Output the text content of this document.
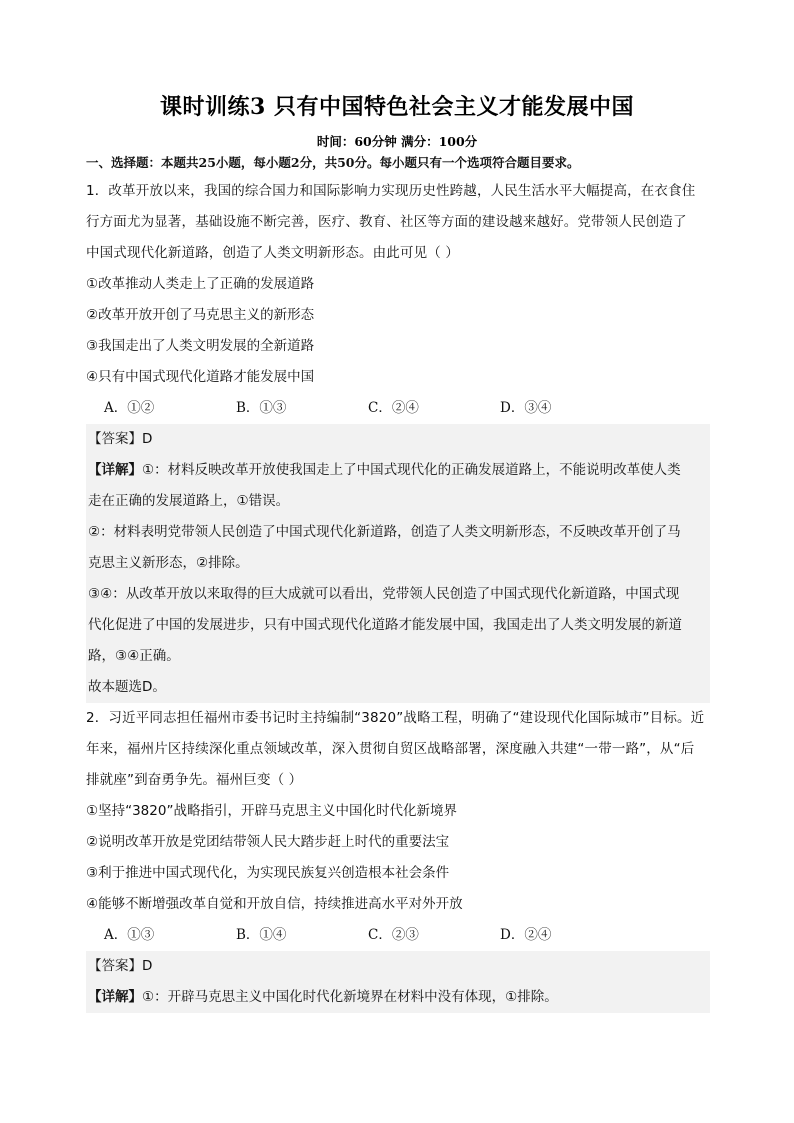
课时训练3 只有中国特色社会主义才能发展中国
时间：60分钟 满分：100分
一、选择题：本题共25小题，每小题2分，共50分。每小题只有一个选项符合题目要求。
1．改革开放以来，我国的综合国力和国际影响力实现历史性跨越，人民生活水平大幅提高，在衣食住
行方面尤为显著，基础设施不断完善，医疗、教育、社区等方面的建设越来越好。党带领人民创造了
中国式现代化新道路，创造了人类文明新形态。由此可见（ ）
①改革推动人类走上了正确的发展道路
②改革开放开创了马克思主义的新形态
③我国走出了人类文明发展的全新道路
④只有中国式现代化道路才能发展中国
A．①②	B．①③	C．②④	D．③④
【答案】D
【详解】①：材料反映改革开放使我国走上了中国式现代化的正确发展道路上，不能说明改革使人类
走在正确的发展道路上，①错误。
②：材料表明党带领人民创造了中国式现代化新道路，创造了人类文明新形态，不反映改革开创了马
克思主义新形态，②排除。
③④：从改革开放以来取得的巨大成就可以看出，党带领人民创造了中国式现代化新道路，中国式现
代化促进了中国的发展进步，只有中国式现代化道路才能发展中国，我国走出了人类文明发展的新道
路，③④正确。
故本题选D。
2．习近平同志担任福州市委书记时主持编制“3820”战略工程，明确了“建设现代化国际城市”目标。近
年来，福州片区持续深化重点领域改革，深入贯彻自贸区战略部署，深度融入共建“一带一路”，从“后
排就座”到奋勇争先。福州巨变（ ）
①坚持“3820”战略指引，开辟马克思主义中国化时代化新境界
②说明改革开放是党团结带领人民大踏步赶上时代的重要法宝
③利于推进中国式现代化，为实现民族复兴创造根本社会条件
④能够不断增强改革自觉和开放自信，持续推进高水平对外开放
A．①③	B．①④	C．②③	D．②④
【答案】D
【详解】①：开辟马克思主义中国化时代化新境界在材料中没有体现，①排除。
